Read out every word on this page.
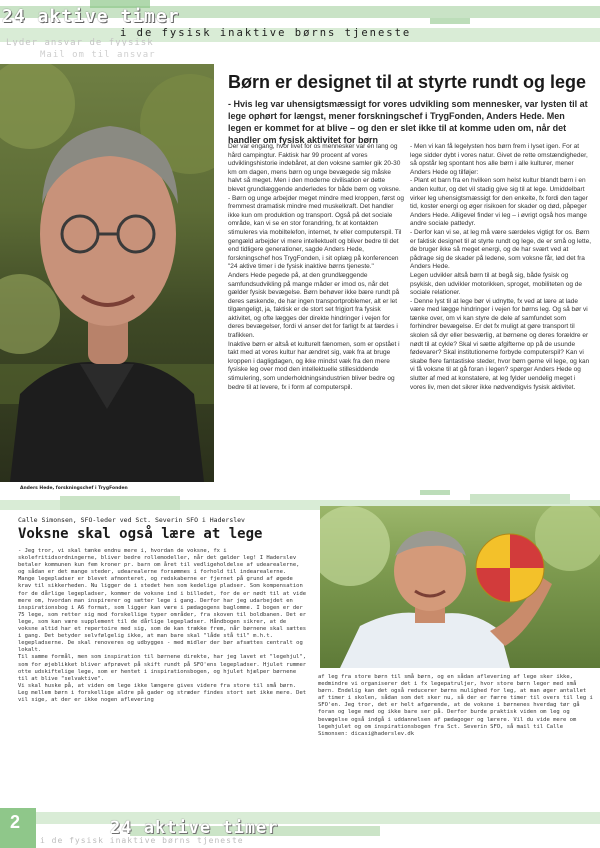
24 aktive timer
i de fysisk inaktive børns tjeneste
Lyder ansvar de fyysisk
Mail om til ansvar
Anders Hede, forskningschef i TrygFonden
Børn er designet til at styrte rundt og lege

- Hvis leg var uhensigtsmæssigt for vores udvikling som mennesker, var lysten til at lege ophørt for længst, mener forskningschef i TrygFonden, Anders Hede. Men legen er kommet for at blive – og den er slet ikke til at komme uden om, når det handler om fysisk aktivitet for børn

Der var engang, hvor livet for os mennesker var én lang og hård campingtur. Faktisk har 99 procent af vores udviklingshistorie indebåret, at den voksne samler gik 20-30 km om dagen, mens børn og unge bevægede sig måske halvt så meget. Men i den moderne civilisation er dette blevet grundlæggende anderledes for både børn og voksne.
- Børn og unge arbejder meget mindre med kroppen, først og fremmest dramatisk mindre med muskelkraft. Det handler ikke kun om produktion og transport. Også på det sociale område, kan vi se en stor forandring, fx at kontakten stimuleres via mobiltelefon, internet, tv eller computerspil. Til gengæld arbejder vi mere intellektuelt og bliver bedre til det end tidligere generationer, sagde Anders Hede, forskningschef hos TrygFonden, i sit oplæg på konferencen "24 aktive timer i de fysisk inaktive børns tjeneste."
Anders Hede pegede på, at den grundlæggende samfundsudvikling på mange måder er imod os, når det gælder fysisk bevægelse. Børn behøver ikke bære rundt på deres søskende, de har ingen transportproblemer, alt er let tilgængeligt, ja, faktisk er de stort set frigjort fra fysisk aktivitet, og ofte lægges der direkte hindringer i vejen for deres bevægelser, fordi vi anser det for farligt fx at færdes i trafikken.
Inaktive børn er altså et kulturelt fænomen, som er opstået i takt med at vores kultur har ændret sig, væk fra at bruge kroppen i dagligdagen, og ikke mindst væk fra den mere fysiske leg over mod den intellektuelle stillesiddende stimulering, som underholdningsindustrien bliver bedre og bedre til at levere, fx i form af computerspil.

- Men vi kan få legelysten hos børn frem i lyset igen. For at lege sidder dybt i vores natur. Givet de rette omstændigheder, så opstår leg spontant hos alle børn i alle kulturer, mener Anders Hede og tilføjer:
- Plant et barn fra en hvilken som helst kultur blandt børn i en anden kultur, og det vil stadig give sig til at lege. Umiddelbart virker leg uhensigtsmæssigt for den enkelte, fx fordi den tager tid, koster energi og øger risikoen for skader og død, påpeger Anders Hede. Alligevel finder vi leg – i øvrigt også hos mange andre sociale pattedyr.
- Derfor kan vi se, at leg må være særdeles vigtigt for os. Børn er faktisk designet til at styrte rundt og lege, de er små og lette, de bruger ikke så meget energi, og de har svært ved at pådrage sig de skader på ledene, som voksne får, lød det fra Anders Hede.
Legen udvikler altså børn til at begå sig, både fysisk og psykisk, den udvikler motorikken, sproget, mobiliteten og de sociale relationer.
- Denne lyst til at lege bør vi udnytte, fx ved at lære at lade være med lægge hindringer i vejen for børns leg. Og så bør vi tænke over, om vi kan styre de dele af samfundet som forhindrer bevægelse. Er det fx muligt at gøre transport til skolen så dyr eller besværlig, at børnene og deres forældre er nødt til at cykle? Skal vi sætte afgifterne op på de usunde fødevarer? Skal institutionerne forbyde computerspil? Kan vi skabe flere fantastiske steder, hvor børn gerne vil lege, og kan vi få voksne til at gå foran i legen? spørger Anders Hede og slutter af med at konstatere, at leg fylder uendelig meget i vores liv, men det sikrer ikke nødvendigvis fysisk aktivitet.

Calle Simonsen, SFO-leder ved Sct. Severin SFO i Haderslev

Voksne skal også lære at lege

- Jeg tror, vi skal tænke endnu mere i, hvordan de voksne, fx i skolefritidsordningerne, bliver bedre rollemodeller, når det gælder leg! I Haderslev betaler kommunen kun fem kroner pr. barn om året til vedligeholdelse af udearealerne, og sådan er det mange steder, udearealerne forsømmes i forhold til indearealerne.
Mange legepladser er blevet afmonteret, og redskaberne er fjernet på grund af øgede krav til sikkerheden. Nu ligger de i stedet hen som kedelige pladser. Som kompensation for de dårlige legepladser, kommer de voksne ind i billedet, for de er nødt til at vide mere om, hvordan man inspirerer og sætter lege i gang. Derfor har jeg udarbejdet en inspirationsbog i A6 format, som ligger kan være i pædagogens baglomme. I bogen er der 75 lege, som retter sig mod forskellige typer områder, fra skoven til boldbanen. Det er lege, som kan være supplement til de dårlige legepladser. Håndbogen sikrer, at de voksne altid har et repertoire med sig, som de kan trække frem, når børnene skal sættes i gang. Det betyder selvfølgelig ikke, at man bare skal "låde stå til" m.h.t. legepladserne. De skal renoveres og udbygges - med midler der bør afsættes centralt og lokalt.
Til samme formål, men som inspiration til børnene direkte, har jeg lavet et "legehjul", som for øjeblikket bliver afprøvet på skift rundt på SFO'ens legepladser. Hjulet rummer otte udskiftelige lege, som er hentet i inspirationsbogen, og hjulet hjælper børnene til at blive "selvaktive".
Vi skal huske på, at viden om lege ikke længere gives videre fra store til små børn. Leg mellem børn i forskellige aldre på gader og stræder findes stort set ikke mere. Det vil sige, at der er ikke nogen aflevering

af leg fra store børn til små børn, og en sådan aflevering af lege sker ikke, medmindre vi organiserer det i fx legepatruljer, hvor store børn leger med små børn. Endelig kan det også reducerer børns mulighed for leg, at man øger antallet af timer i skolen, sådan som det sker nu, så der er færre timer til overs til leg i SFO'en. Jeg tror, det er helt afgørende, at de voksne i børnenes hverdag tør gå foran og lege med og ikke bare ser på. Derfor burde praktisk viden om leg og bevægelse også indgå i uddannelsen af pædagoger og lærere. Vil du vide mere om legehjulet og om inspirationsbogen fra Sct. Severin SFO, så mail til Calle Simonsen: dicasi@haderslev.dk

2	24 aktive timer
i de fysisk inaktive børns tjeneste
